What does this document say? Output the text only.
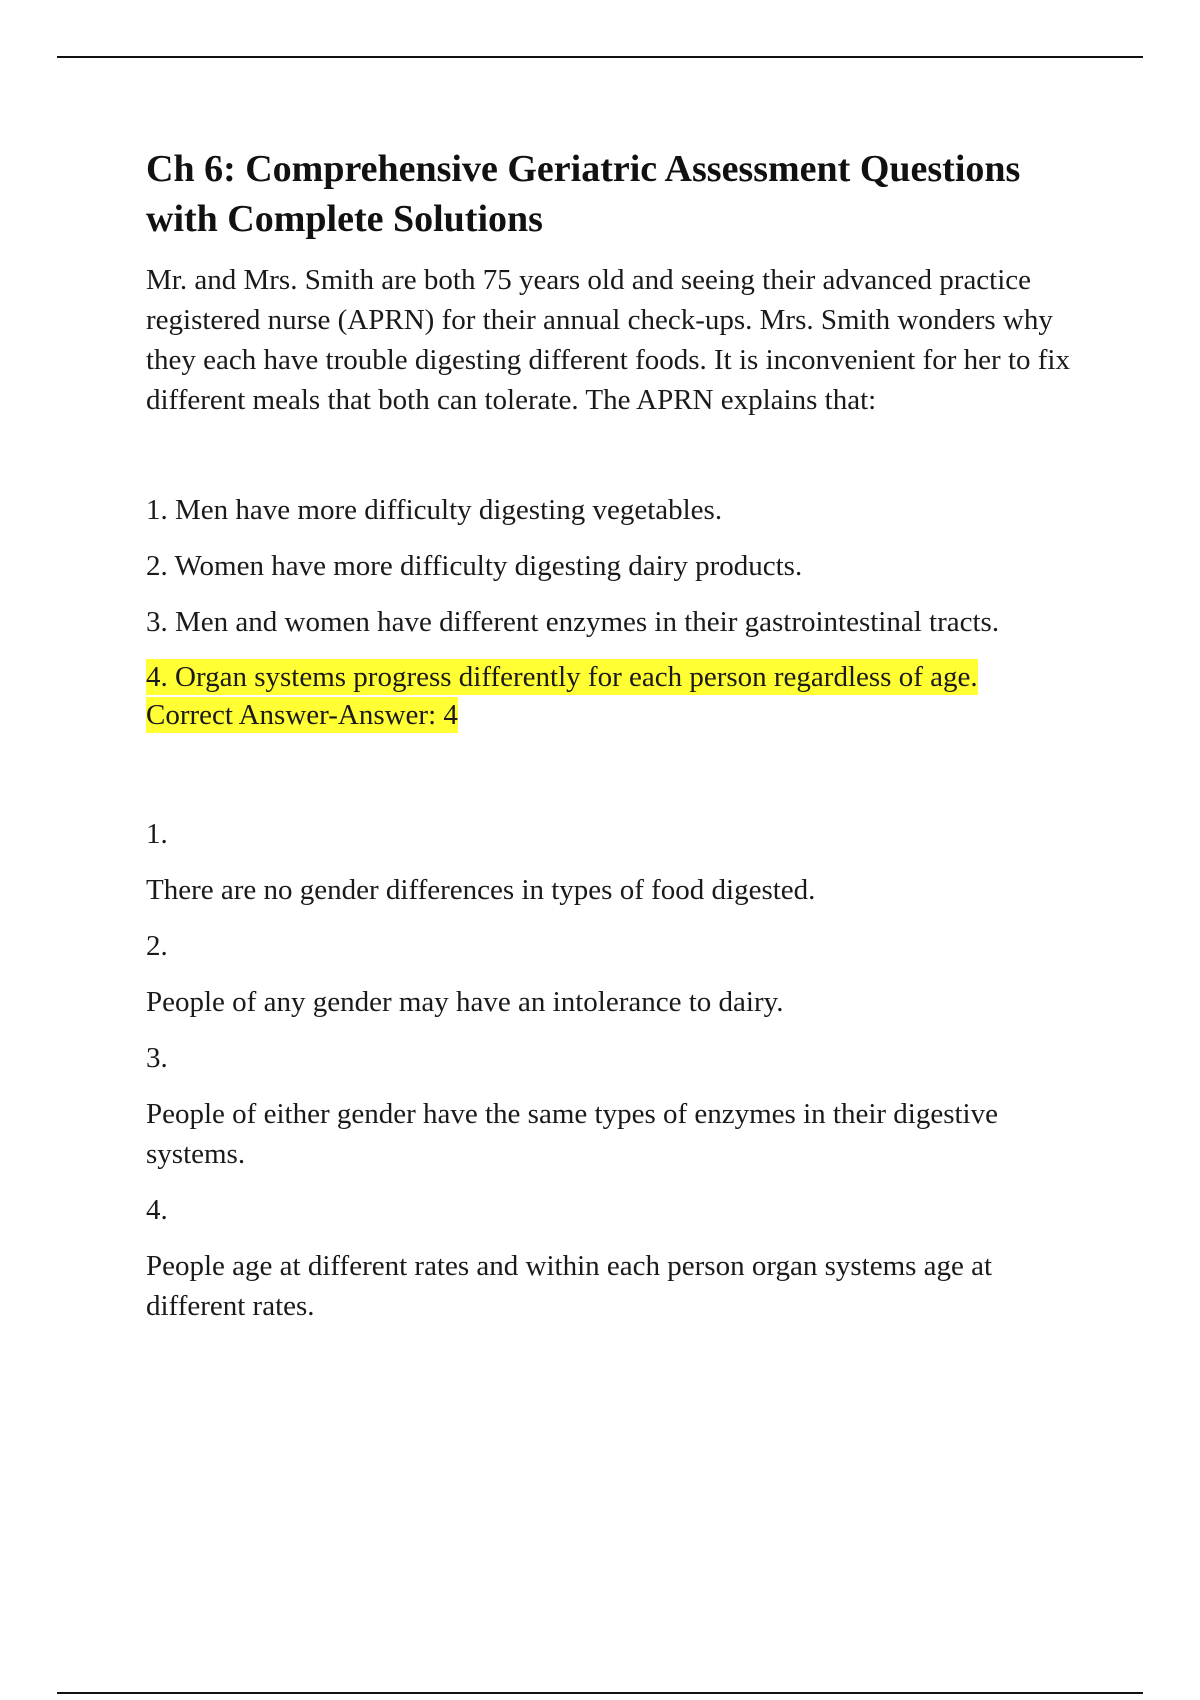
Ch 6: Comprehensive Geriatric Assessment Questions with Complete Solutions

Mr. and Mrs. Smith are both 75 years old and seeing their advanced practice registered nurse (APRN) for their annual check-ups. Mrs. Smith wonders why they each have trouble digesting different foods. It is inconvenient for her to fix different meals that both can tolerate. The APRN explains that:

1. Men have more difficulty digesting vegetables.

2. Women have more difficulty digesting dairy products.

3. Men and women have different enzymes in their gastrointestinal tracts.

4. Organ systems progress differently for each person regardless of age.
Correct Answer-Answer: 4

1.

There are no gender differences in types of food digested.

2.

People of any gender may have an intolerance to dairy.

3.

People of either gender have the same types of enzymes in their digestive systems.

4.

People age at different rates and within each person organ systems age at different rates.
